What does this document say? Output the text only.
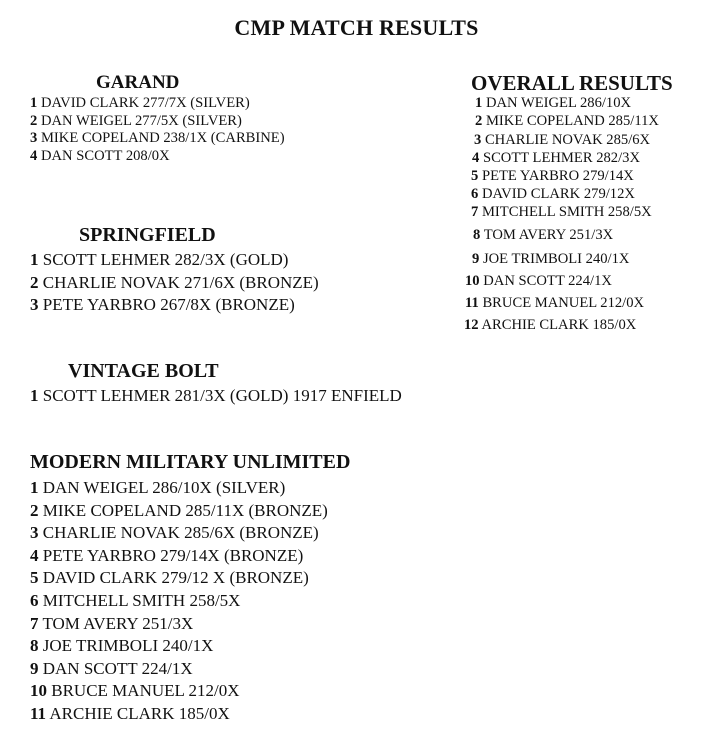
CMP MATCH RESULTS
GARAND
1 DAVID CLARK 277/7X (SILVER)
2 DAN WEIGEL 277/5X (SILVER)
3 MIKE COPELAND 238/1X (CARBINE)
4 DAN SCOTT 208/0X
SPRINGFIELD
1 SCOTT LEHMER 282/3X (GOLD)
2 CHARLIE NOVAK 271/6X (BRONZE)
3 PETE YARBRO 267/8X (BRONZE)
VINTAGE BOLT
1 SCOTT LEHMER 281/3X (GOLD) 1917 ENFIELD
MODERN MILITARY UNLIMITED
1 DAN WEIGEL 286/10X (SILVER)
2 MIKE COPELAND 285/11X (BRONZE)
3 CHARLIE NOVAK 285/6X (BRONZE)
4 PETE YARBRO 279/14X (BRONZE)
5 DAVID CLARK 279/12 X (BRONZE)
6 MITCHELL SMITH 258/5X
7 TOM AVERY 251/3X
8 JOE TRIMBOLI 240/1X
9 DAN SCOTT 224/1X
10 BRUCE MANUEL 212/0X
11 ARCHIE CLARK 185/0X
OVERALL RESULTS
1 DAN WEIGEL 286/10X
2 MIKE COPELAND 285/11X
3 CHARLIE NOVAK 285/6X
4 SCOTT LEHMER 282/3X
5 PETE YARBRO 279/14X
6 DAVID CLARK 279/12X
7 MITCHELL SMITH 258/5X
8 TOM AVERY 251/3X
9 JOE TRIMBOLI 240/1X
10 DAN SCOTT 224/1X
11 BRUCE MANUEL 212/0X
12 ARCHIE CLARK 185/0X
